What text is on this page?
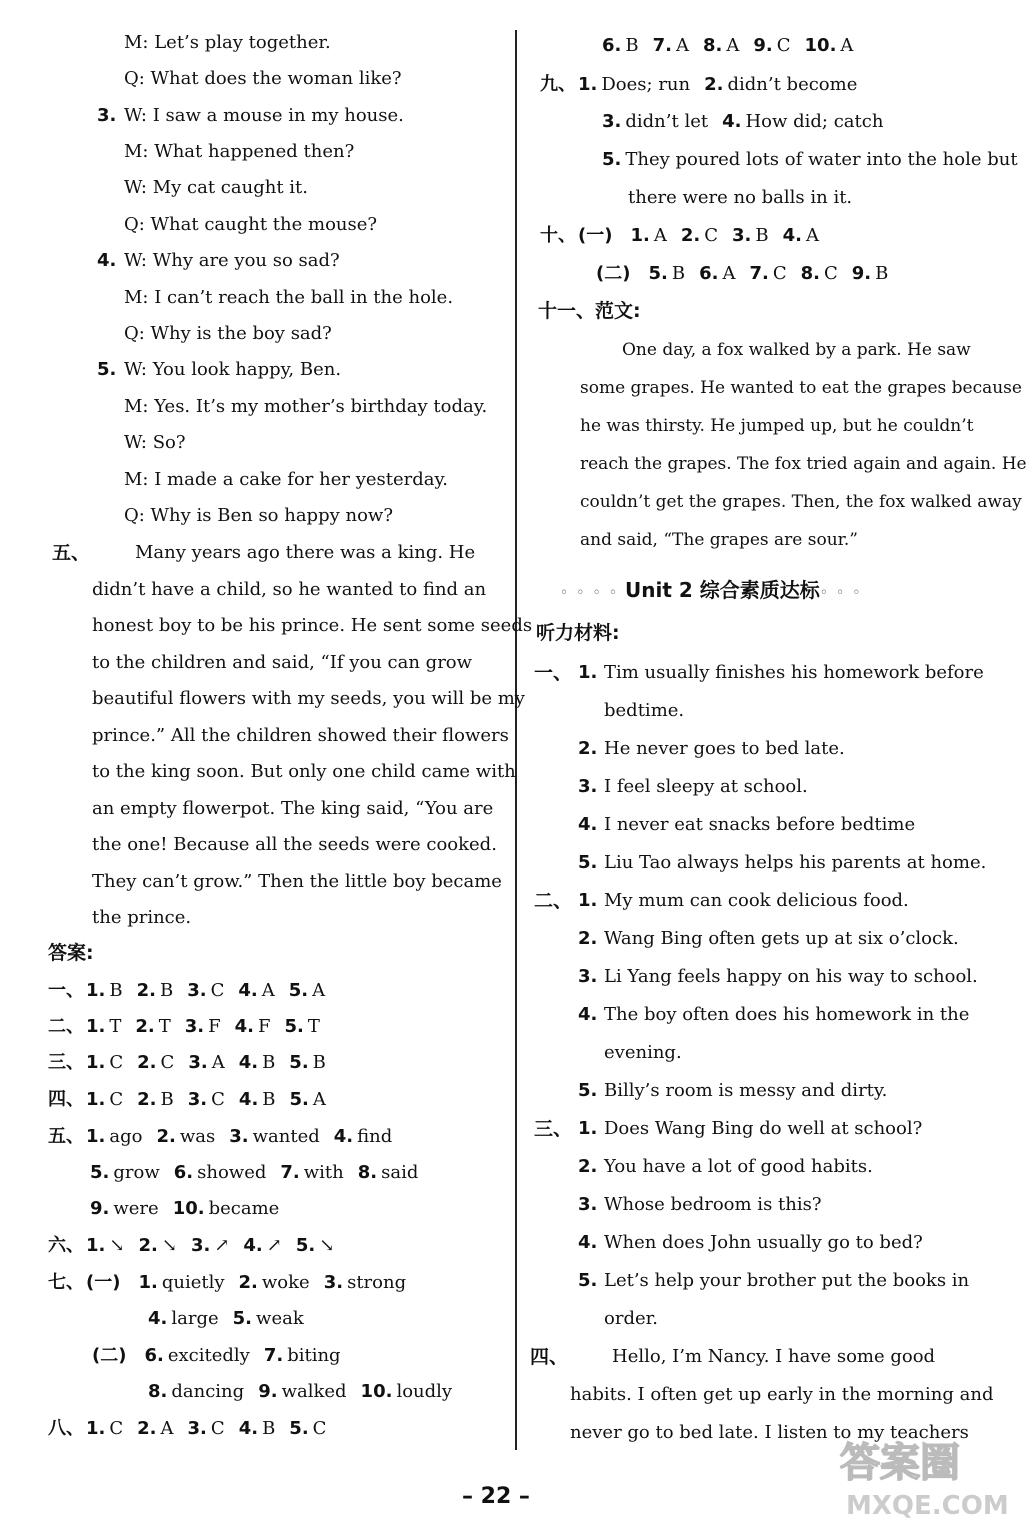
M: Let’s play together.
Q: What does the woman like?
3. W: I saw a mouse in my house.
M: What happened then?
W: My cat caught it.
Q: What caught the mouse?
4. W: Why are you so sad?
M: I can’t reach the ball in the hole.
Q: Why is the boy sad?
5. W: You look happy, Ben.
M: Yes. It’s my mother’s birthday today.
W: So?
M: I made a cake for her yesterday.
Q: Why is Ben so happy now?
五、 Many years ago there was a king. He
didn’t have a child, so he wanted to find an
honest boy to be his prince. He sent some seeds
to the children and said, “If you can grow
beautiful flowers with my seeds, you will be my
prince.” All the children showed their flowers
to the king soon. But only one child came with
an empty flowerpot. The king said, “You are
the one! Because all the seeds were cooked.
They can’t grow.” Then the little boy became
the prince.
答案:
一、 1. B 2. B 3. C 4. A 5. A
二、 1. T 2. T 3. F 4. F 5. T
三、 1. C 2. C 3. A 4. B 5. B
四、 1. C 2. B 3. C 4. B 5. A
五、 1. ago 2. was 3. wanted 4. find
5. grow 6. showed 7. with 8. said
9. were 10. became
六、 1. ↘ 2. ↘ 3. ↗ 4. ↗ 5. ↘
七、 (一) 1. quietly 2. woke 3. strong
4. large 5. weak
(二) 6. excitedly 7. biting
8. dancing 9. walked 10. loudly
八、 1. C 2. A 3. C 4. B 5. C
6. B 7. A 8. A 9. C 10. A
九、 1. Does; run 2. didn’t become
3. didn’t let 4. How did; catch
5. They poured lots of water into the hole but
there were no balls in it.
十、 (一) 1. A 2. C 3. B 4. A
(二) 5. B 6. A 7. C 8. C 9. B
十一、范文:
One day, a fox walked by a park. He saw
some grapes. He wanted to eat the grapes because
he was thirsty. He jumped up, but he couldn’t
reach the grapes. The fox tried again and again. He
couldn’t get the grapes. Then, the fox walked away
and said, “The grapes are sour.”
◦◦◦◦Unit 2 综合素质达标◦◦◦
听力材料:
一、 1. Tim usually finishes his homework before
bedtime.
2. He never goes to bed late.
3. I feel sleepy at school.
4. I never eat snacks before bedtime
5. Liu Tao always helps his parents at home.
二、 1. My mum can cook delicious food.
2. Wang Bing often gets up at six o’clock.
3. Li Yang feels happy on his way to school.
4. The boy often does his homework in the
evening.
5. Billy’s room is messy and dirty.
三、 1. Does Wang Bing do well at school?
2. You have a lot of good habits.
3. Whose bedroom is this?
4. When does John usually go to bed?
5. Let’s help your brother put the books in
order.
四、 Hello, I’m Nancy. I have some good
habits. I often get up early in the morning and
never go to bed late. I listen to my teachers
– 22 –
答案圈
MXQE.COM
